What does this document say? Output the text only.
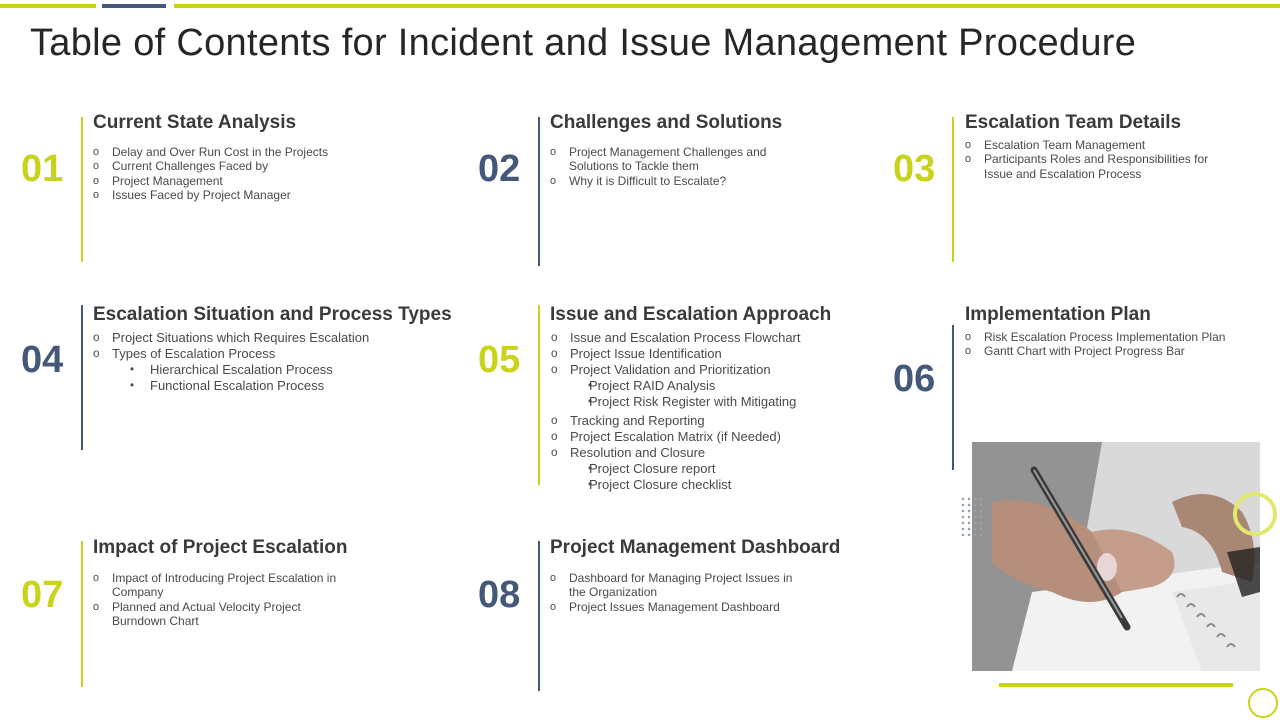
Table of Contents for Incident and Issue Management Procedure
01
Current State Analysis
o Delay and Over Run Cost in the Projects
o Current Challenges Faced by
o Project Management
o Issues Faced by Project Manager
02
Challenges and Solutions
o Project Management Challenges and Solutions to Tackle them
o Why it is Difficult to Escalate?	03
Escalation Team Details
o Escalation Team Management
o Participants Roles and Responsibilities for Issue and Escalation Process
04
Escalation Situation and Process Types
o Project Situations which Requires Escalation
o Types of Escalation Process
• Hierarchical Escalation Process
• Functional Escalation Process
05
Issue and Escalation Approach
o Issue and Escalation Process Flowchart
o Project Issue Identification
o Project Validation and Prioritization
• Project RAID Analysis
• Project Risk Register with Mitigating
o Tracking and Reporting
o Project Escalation Matrix (if Needed)
o Resolution and Closure
• Project Closure report
• Project Closure checklist
06
Implementation Plan
o Risk Escalation Process Implementation Plan
o Gantt Chart with Project Progress Bar
07
Impact of Project Escalation
o Impact of Introducing Project Escalation in Company
o Planned and Actual Velocity Project Burndown Chart
08
Project Management Dashboard
o Dashboard for Managing Project Issues in the Organization
o Project Issues Management Dashboard
